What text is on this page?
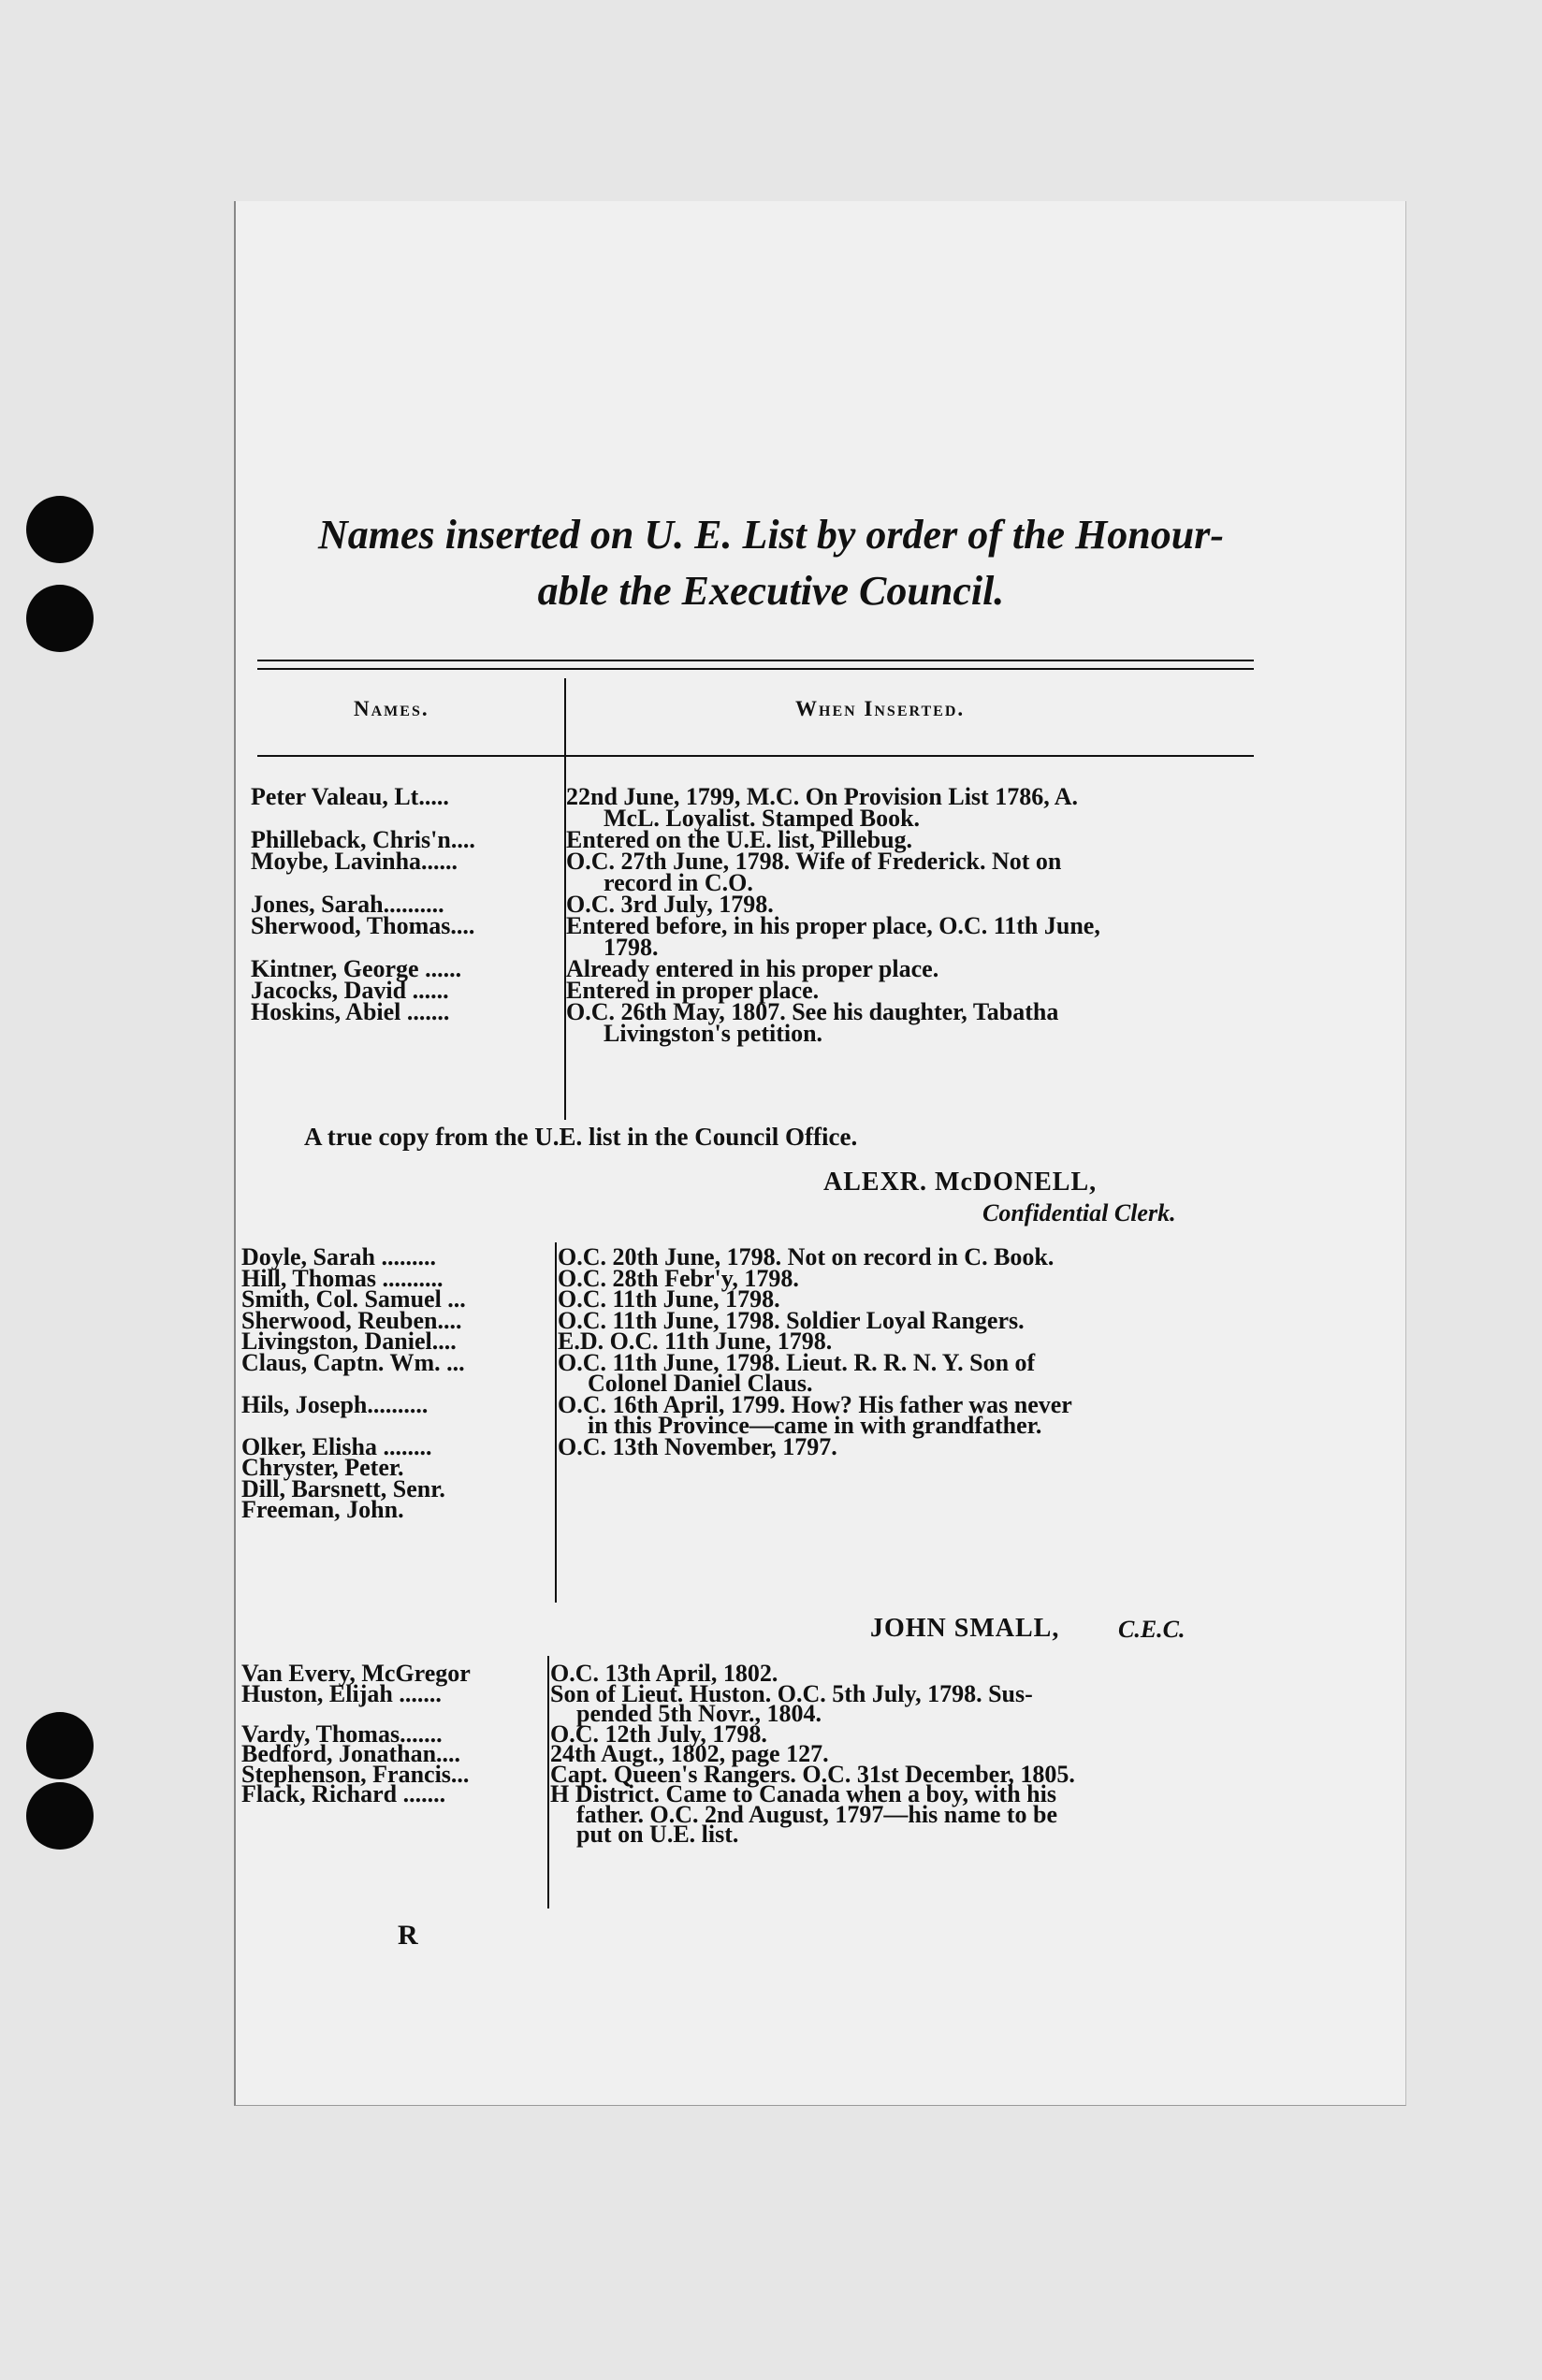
Names inserted on U. E. List by order of the Honour-
able the Executive Council.
Names.	When Inserted.
Peter Valeau, Lt.....	22nd June, 1799, M.C. On Provision List 1786, A.
McL. Loyalist. Stamped Book.
Philleback, Chris'n....	Entered on the U.E. list, Pillebug.
Moybe, Lavinha......	O.C. 27th June, 1798. Wife of Frederick. Not on
record in C.O.
Jones, Sarah..........	O.C. 3rd July, 1798.
Sherwood, Thomas....	Entered before, in his proper place, O.C. 11th June,
1798.
Kintner, George ......	Already entered in his proper place.
Jacocks, David ......	Entered in proper place.
Hoskins, Abiel .......	O.C. 26th May, 1807. See his daughter, Tabatha
Livingston's petition.
A true copy from the U.E. list in the Council Office.
ALEXR. McDONELL,
Confidential Clerk.
Doyle, Sarah .........	O.C. 20th June, 1798. Not on record in C. Book.
Hill, Thomas ..........	O.C. 28th Febr'y, 1798.
Smith, Col. Samuel ...	O.C. 11th June, 1798.
Sherwood, Reuben....	O.C. 11th June, 1798. Soldier Loyal Rangers.
Livingston, Daniel....	E.D. O.C. 11th June, 1798.
Claus, Captn. Wm. ...	O.C. 11th June, 1798. Lieut. R. R. N. Y. Son of
Colonel Daniel Claus.
Hils, Joseph..........	O.C. 16th April, 1799. How? His father was never
in this Province—came in with grandfather.
Olker, Elisha ........	O.C. 13th November, 1797.
Chryster, Peter.
Dill, Barsnett, Senr.
Freeman, John.
JOHN SMALL, C.E.C.
Van Every, McGregor	O.C. 13th April, 1802.
Huston, Elijah .......	Son of Lieut. Huston. O.C. 5th July, 1798. Sus-
pended 5th Novr., 1804.
Vardy, Thomas.......	O.C. 12th July, 1798.
Bedford, Jonathan....	24th Augt., 1802, page 127.
Stephenson, Francis...	Capt. Queen's Rangers. O.C. 31st December, 1805.
Flack, Richard .......	H District. Came to Canada when a boy, with his
father. O.C. 2nd August, 1797—his name to be
put on U.E. list.
R
